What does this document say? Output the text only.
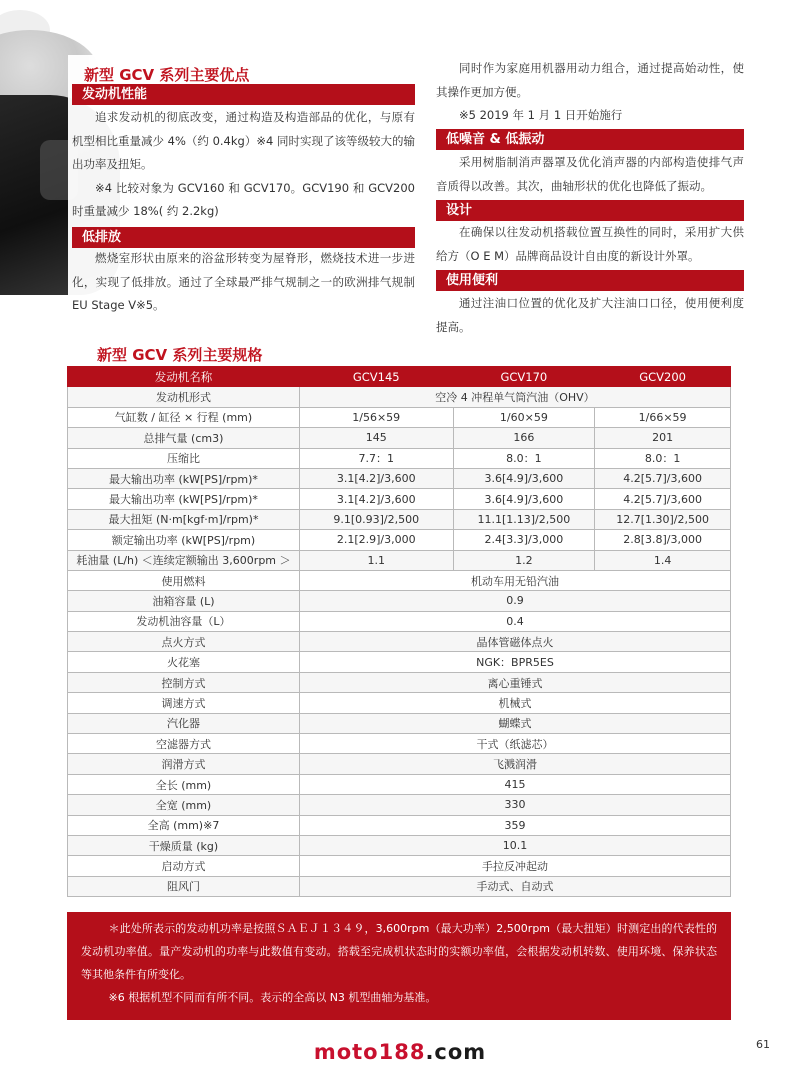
新型 GCV 系列主要优点
发动机性能

追求发动机的彻底改变，通过构造及构造部品的优化，与原有机型相比重量减少 4%（约 0.4kg）※4 同时实现了该等级较大的输出功率及扭矩。

※4 比较对象为 GCV160 和 GCV170。GCV190 和 GCV200 时重量减少 18%( 约 2.2kg)

低排放

燃烧室形状由原来的浴盆形转变为屋脊形，燃烧技术进一步进化，实现了低排放。通过了全球最严排气规制之一的欧洲排气规制 EU Stage V※5。

同时作为家庭用机器用动力组合，通过提高始动性，使其操作更加方便。

※5 2019 年 1 月 1 日开始施行

低噪音 & 低振动

采用树脂制消声器罩及优化消声器的内部构造使排气声音质得以改善。其次，曲轴形状的优化也降低了振动。

设计

在确保以往发动机搭载位置互换性的同时，采用扩大供给方（O E M）品牌商品设计自由度的新设计外罩。

使用便利

通过注油口位置的优化及扩大注油口口径，使用便利度提高。

新型 GCV 系列主要规格
发动机名称	GCV145	GCV170	GCV200
发动机形式	空冷 4 冲程单气筒汽油（OHV）		
气缸数 / 缸径 × 行程 (mm)	1/56×59	1/60×59	1/66×59
总排气量 (cm3)	145	166	201
压缩比	7.7：1	8.0：1	8.0：1
最大输出功率 (kW[PS]/rpm)*	3.1[4.2]/3,600	3.6[4.9]/3,600	4.2[5.7]/3,600
最大输出功率 (kW[PS]/rpm)*	3.1[4.2]/3,600	3.6[4.9]/3,600	4.2[5.7]/3,600
最大扭矩 (N·m[kgf·m]/rpm)*	9.1[0.93]/2,500	11.1[1.13]/2,500	12.7[1.30]/2,500
额定输出功率 (kW[PS]/rpm)	2.1[2.9]/3,000	2.4[3.3]/3,000	2.8[3.8]/3,000
耗油量 (L/h) ＜连续定额输出 3,600rpm ＞	1.1	1.2	1.4
使用燃料	机动车用无铅汽油		
油箱容量 (L)	0.9		
发动机油容量（L）	0.4		
点火方式	晶体管磁体点火		
火花塞	NGK：BPR5ES		
控制方式	离心重锤式		
调速方式	机械式		
汽化器	蝴蝶式		
空滤器方式	干式（纸滤芯）		
润滑方式	飞溅润滑		
全长 (mm)	415		
全宽 (mm)	330		
全高 (mm)※7	359		
干燥质量 (kg)	10.1		
启动方式	手拉反冲起动		
阻风门	手动式、自动式		

＊此处所表示的发动机功率是按照ＳＡＥＪ１３４９，3,600rpm（最大功率）2,500rpm（最大扭矩）时测定出的代表性的发动机功率值。量产发动机的功率与此数值有变动。搭载至完成机状态时的实额功率值，会根据发动机转数、使用环境、保养状态等其他条件有所变化。

※6 根据机型不同而有所不同。表示的全高以 N3 机型曲轴为基准。

61
moto188.com
